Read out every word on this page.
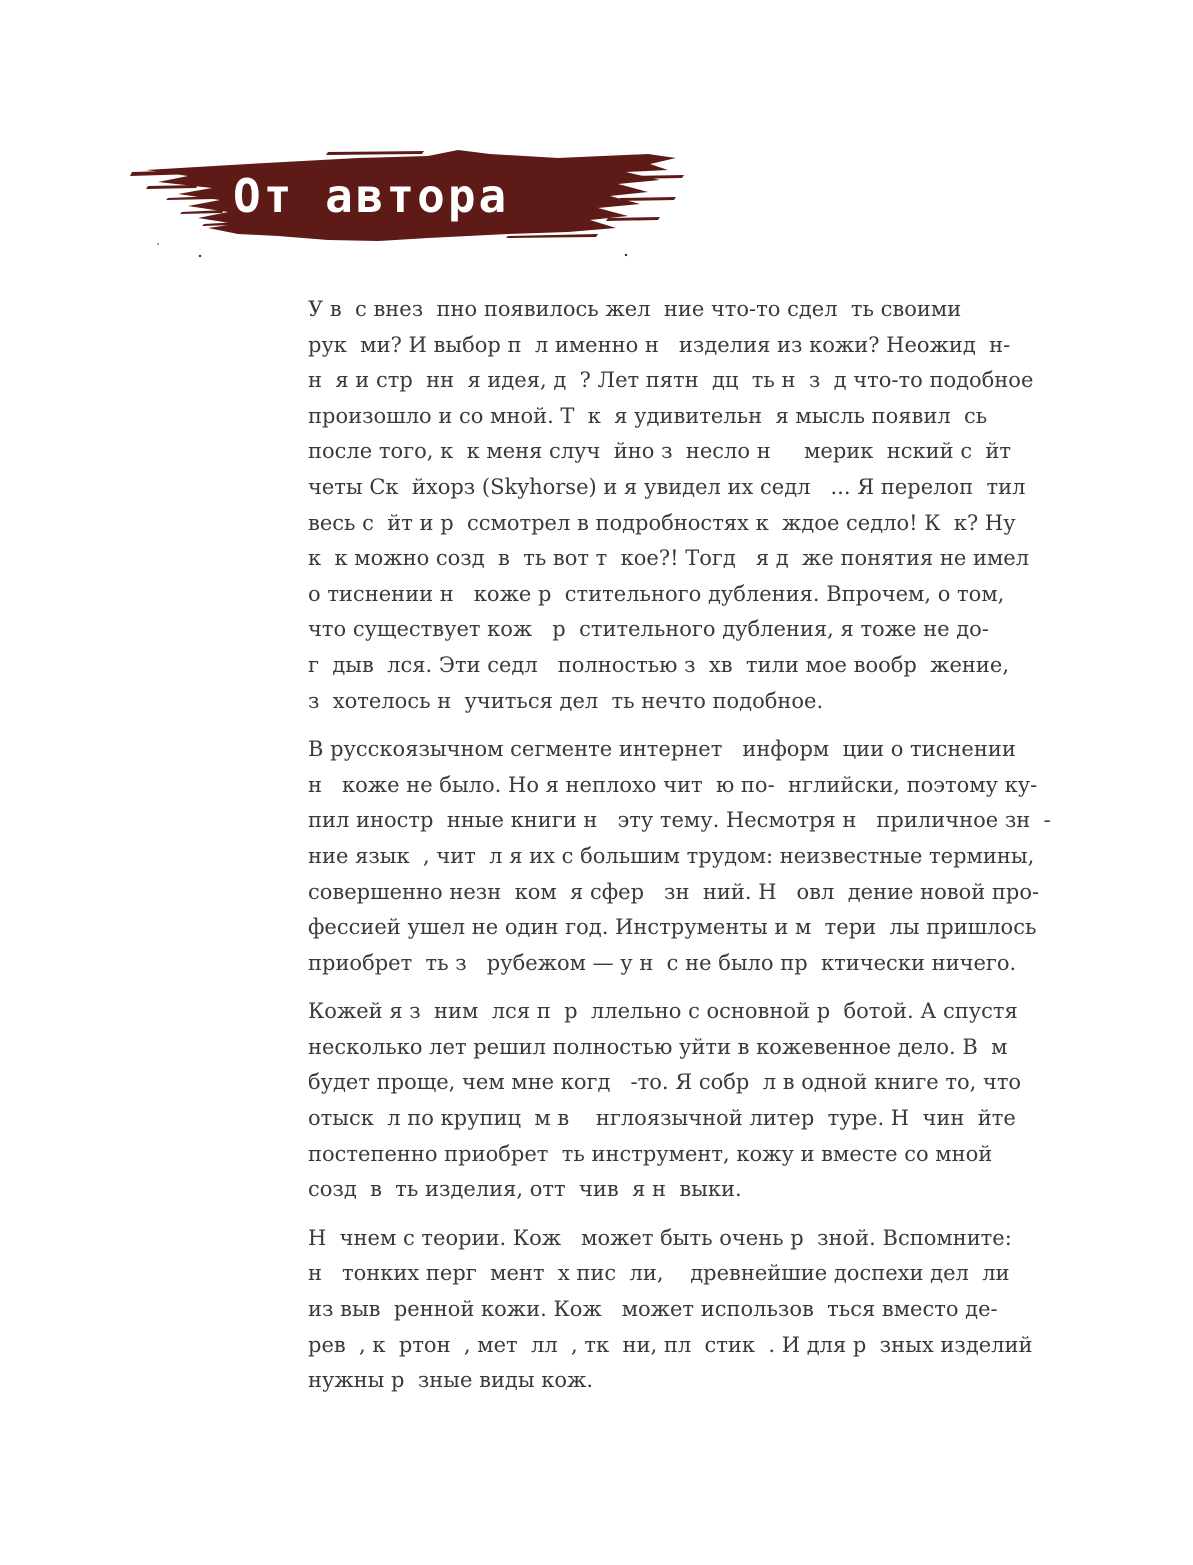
От автора

У в  с внез  пно появилось жел  ние что-то сдел  ть своими
рук  ми? И выбор п  л именно н   изделия из кожи? Неожид  н-
н  я и стр  нн  я идея, д  ? Лет пятн  дц  ть н  з  д что-то подобное
произошло и со мной. Т  к  я удивительн  я мысль появил  сь
после того, к  к меня случ  йно з  несло н     мерик  нский с  йт
четы Ск  йхорз (Skyhorse) и я увидел их седл   ... Я перелоп  тил
весь с  йт и р  ссмотрел в подробностях к  ждое седло! К  к? Ну
к  к можно созд  в  ть вот т  кое?! Тогд   я д  же понятия не имел
о тиснении н   коже р  стительного дубления. Впрочем, о том,
что существует кож   р  стительного дубления, я тоже не до-
г  дыв  лся. Эти седл   полностью з  хв  тили мое вообр  жение,
з  хотелось н  учиться дел  ть нечто подобное.

В русскоязычном сегменте интернет   информ  ции о тиснении
н   коже не было. Но я неплохо чит  ю по-  нглийски, поэтому ку-
пил иностр  нные книги н   эту тему. Несмотря н   приличное зн  -
ние язык  , чит  л я их с большим трудом: неизвестные термины,
совершенно незн  ком  я сфер   зн  ний. Н   овл  дение новой про-
фессией ушел не один год. Инструменты и м  тери  лы пришлось
приобрет  ть з   рубежом — у н  с не было пр  ктически ничего.

Кожей я з  ним  лся п  р  ллельно с основной р  ботой. А спустя
несколько лет решил полностью уйти в кожевенное дело. В  м
будет проще, чем мне когд   -то. Я собр  л в одной книге то, что
отыск  л по крупиц  м в    нглоязычной литер  туре. Н  чин  йте
постепенно приобрет  ть инструмент, кожу и вместе со мной
созд  в  ть изделия, отт  чив  я н  выки.

Н  чнем с теории. Кож   может быть очень р  зной. Вспомните:
н   тонких перг  мент  х пис  ли,    древнейшие доспехи дел  ли
из выв  ренной кожи. Кож   может использов  ться вместо де-
рев  , к  ртон  , мет  лл  , тк  ни, пл  стик  . И для р  зных изделий
нужны р  зные виды кож.
